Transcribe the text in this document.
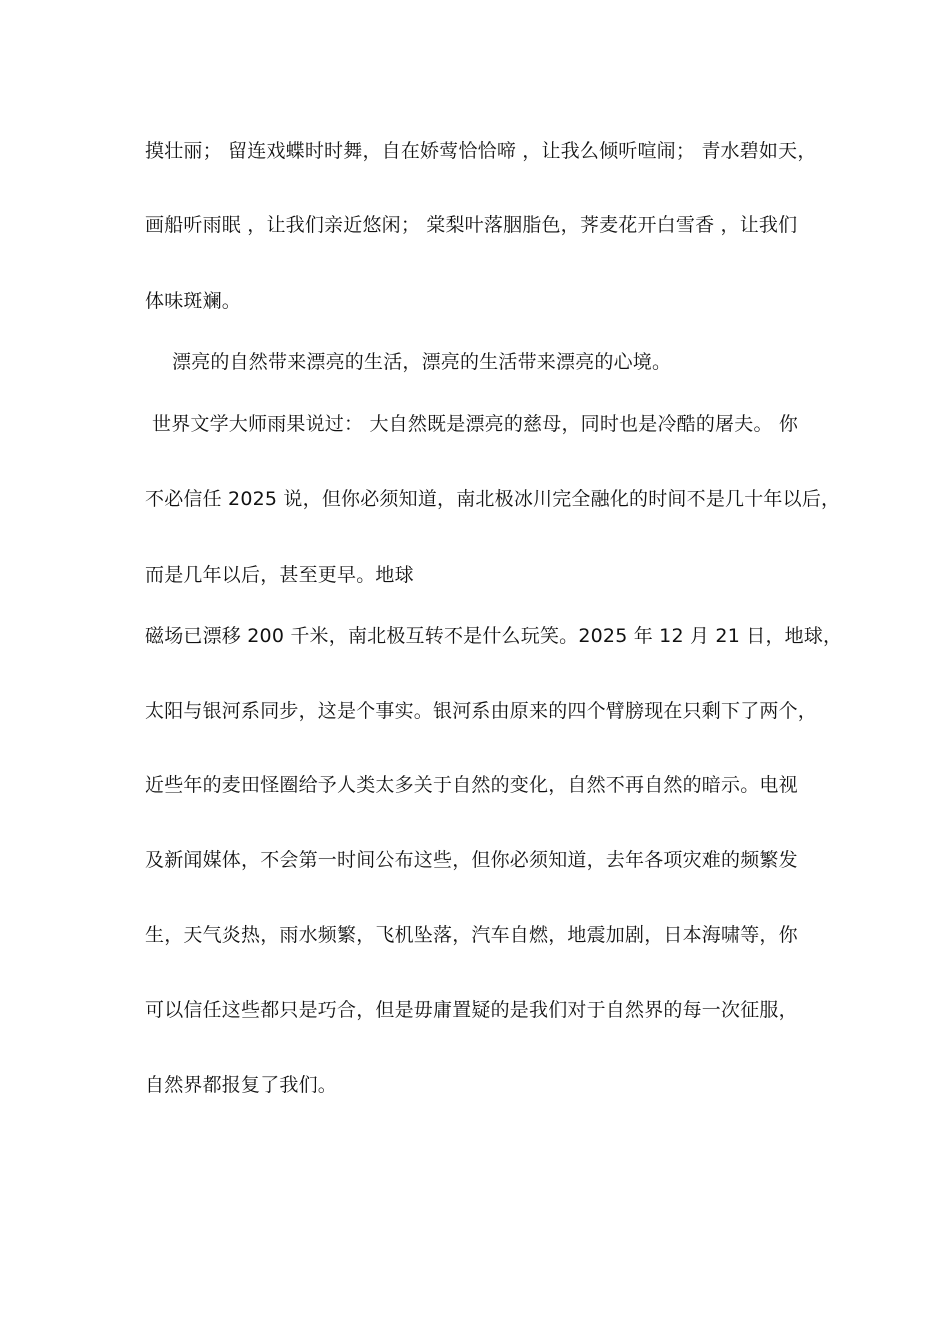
摸壮丽； 留连戏蝶时时舞，自在娇莺恰恰啼 ，让我么倾听喧闹； 青水碧如天，
画船听雨眠 ，让我们亲近悠闲； 棠梨叶落胭脂色，荠麦花开白雪香 ，让我们
体味斑斓。
漂亮的自然带来漂亮的生活，漂亮的生活带来漂亮的心境。
世界文学大师雨果说过： 大自然既是漂亮的慈母，同时也是冷酷的屠夫。 你
不必信任 2025 说，但你必须知道，南北极冰川完全融化的时间不是几十年以后，
而是几年以后，甚至更早。地球
磁场已漂移 200 千米，南北极互转不是什么玩笑。2025 年 12 月 21 日，地球，
太阳与银河系同步，这是个事实。银河系由原来的四个臂膀现在只剩下了两个，
近些年的麦田怪圈给予人类太多关于自然的变化，自然不再自然的暗示。电视
及新闻媒体，不会第一时间公布这些，但你必须知道，去年各项灾难的频繁发
生，天气炎热，雨水频繁，飞机坠落，汽车自燃，地震加剧，日本海啸等，你
可以信任这些都只是巧合，但是毋庸置疑的是我们对于自然界的每一次征服，
自然界都报复了我们。
